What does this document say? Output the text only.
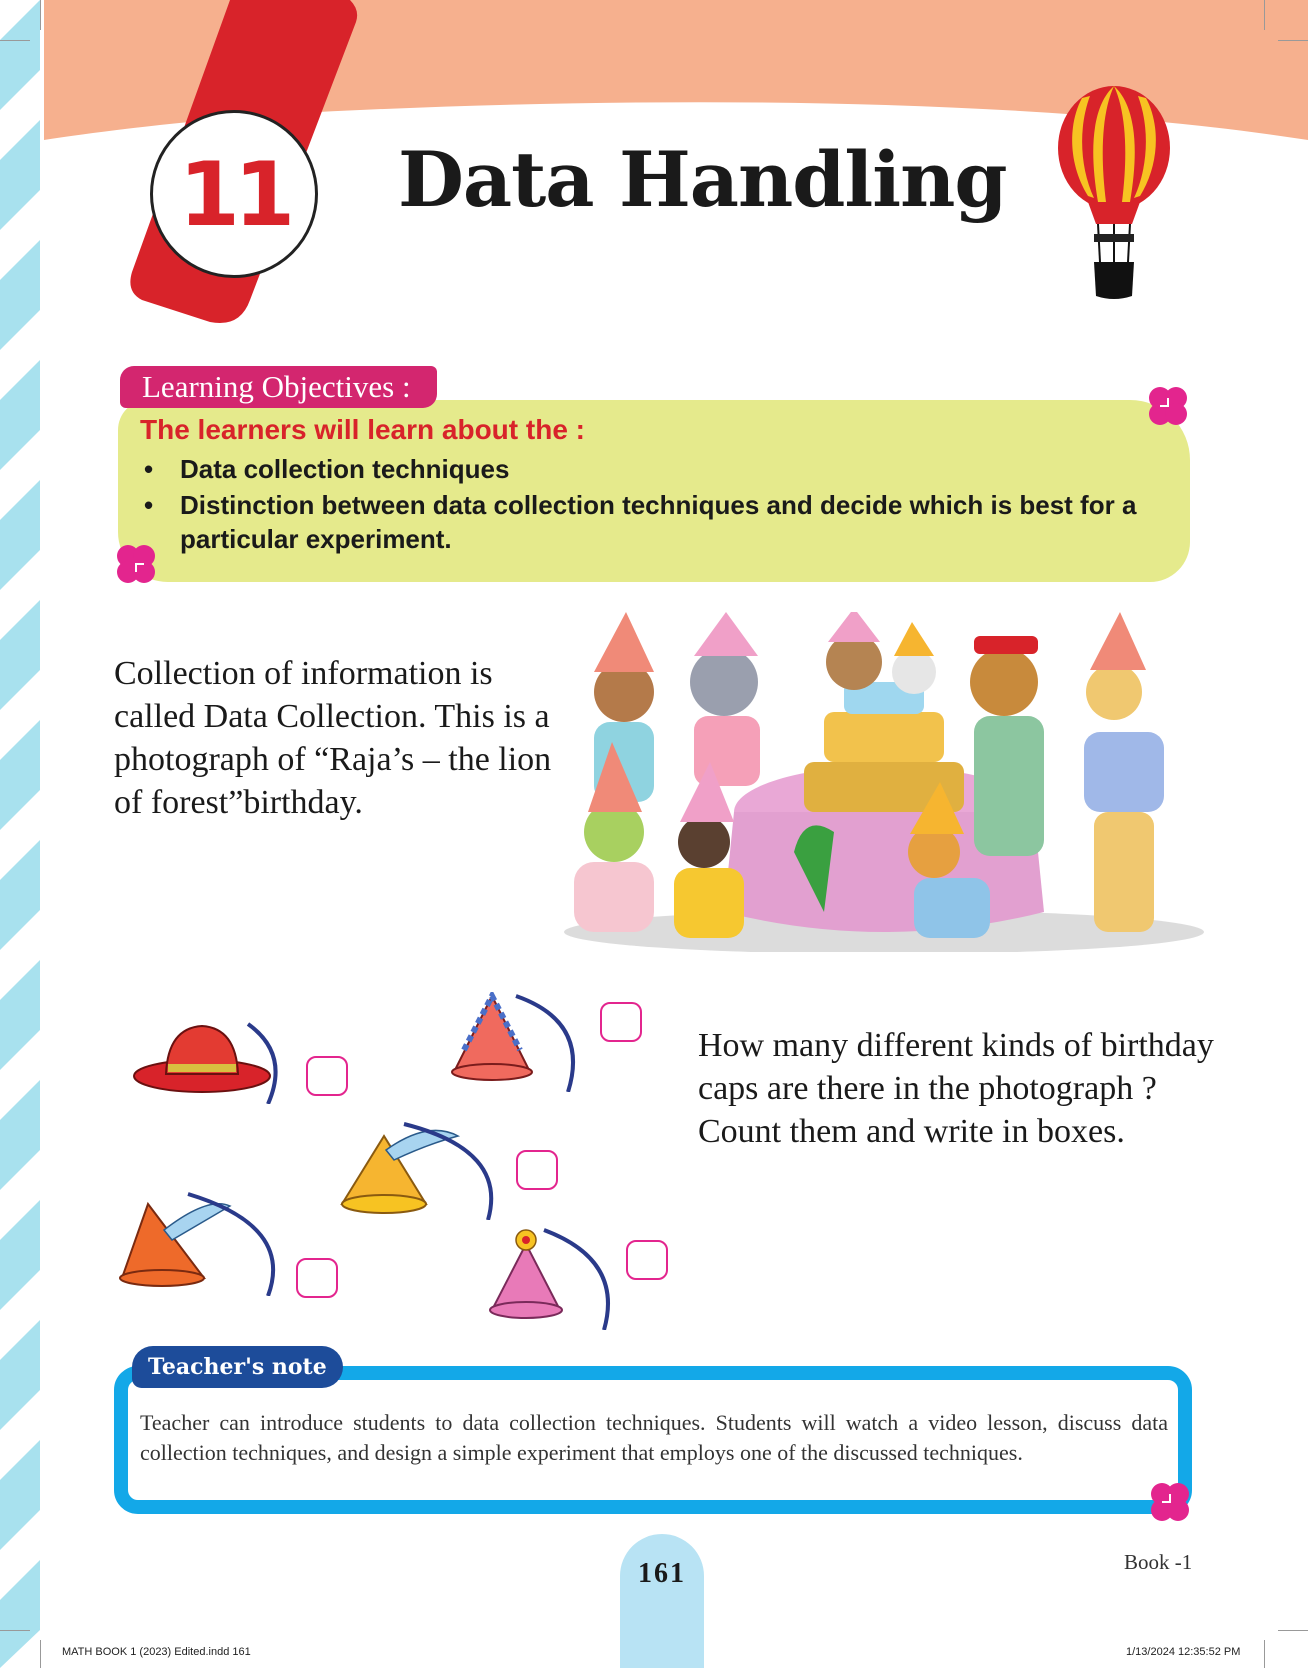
11 Data Handling
Learning Objectives :
The learners will learn about the :
• Data collection techniques
• Distinction between data collection techniques and decide which is best for a particular experiment.
Collection of information is called Data Collection. This is a photograph of “Raja’s – the lion of forest”birthday.
How many different kinds of birthday caps are there in the photograph ? Count them and write in boxes.
Teacher's note
Teacher can introduce students to data collection techniques. Students will watch a video lesson, discuss data collection techniques, and design a simple experiment that employs one of the discussed techniques.
161	Book -1
MATH BOOK 1 (2023) Edited.indd 161	1/13/2024 12:35:52 PM
